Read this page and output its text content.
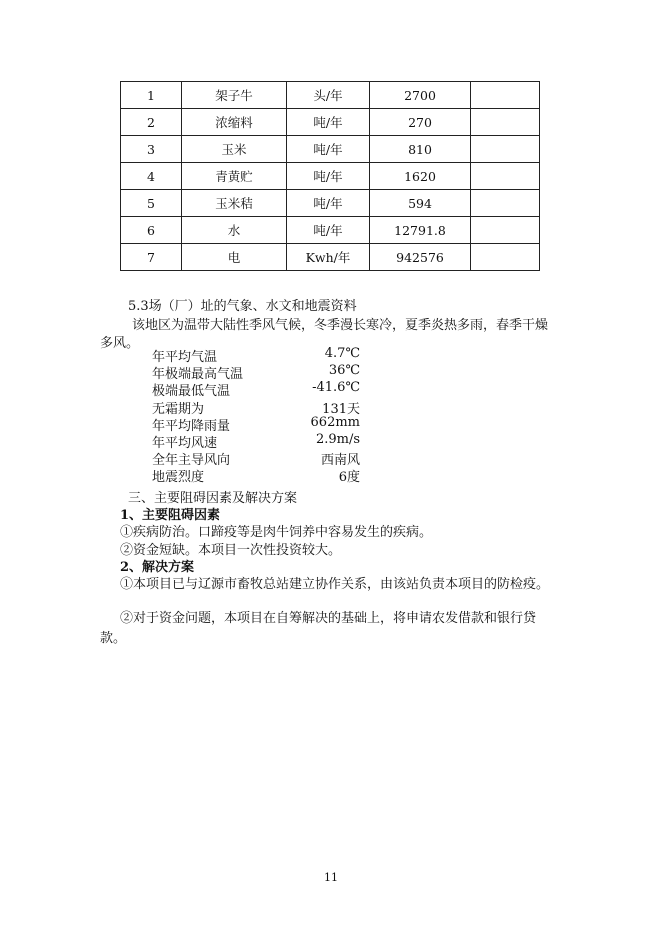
1	架子牛	头/年	2700	
2	浓缩料	吨/年	270	
3	玉米	吨/年	810	
4	青黄贮	吨/年	1620	
5	玉米秸	吨/年	594	
6	水	吨/年	12791.8	
7	电	Kwh/年	942576	
5.3场（厂）址的气象、水文和地震资料
该地区为温带大陆性季风气候，冬季漫长寒冷，夏季炎热多雨，春季干燥
多风。
年平均气温	4.7℃
年极端最高气温	36℃
极端最低气温	-41.6℃
无霜期为	131天
年平均降雨量	662mm
年平均风速	2.9m/s
全年主导风向	西南风
地震烈度	6度
三、主要阻碍因素及解决方案
1、主要阻碍因素
①疾病防治。口蹄疫等是肉牛饲养中容易发生的疾病。
②资金短缺。本项目一次性投资较大。
2、解决方案
①本项目已与辽源市畜牧总站建立协作关系，由该站负责本项目的防检疫。
②对于资金问题，本项目在自筹解决的基础上，将申请农发借款和银行贷
款。
11
